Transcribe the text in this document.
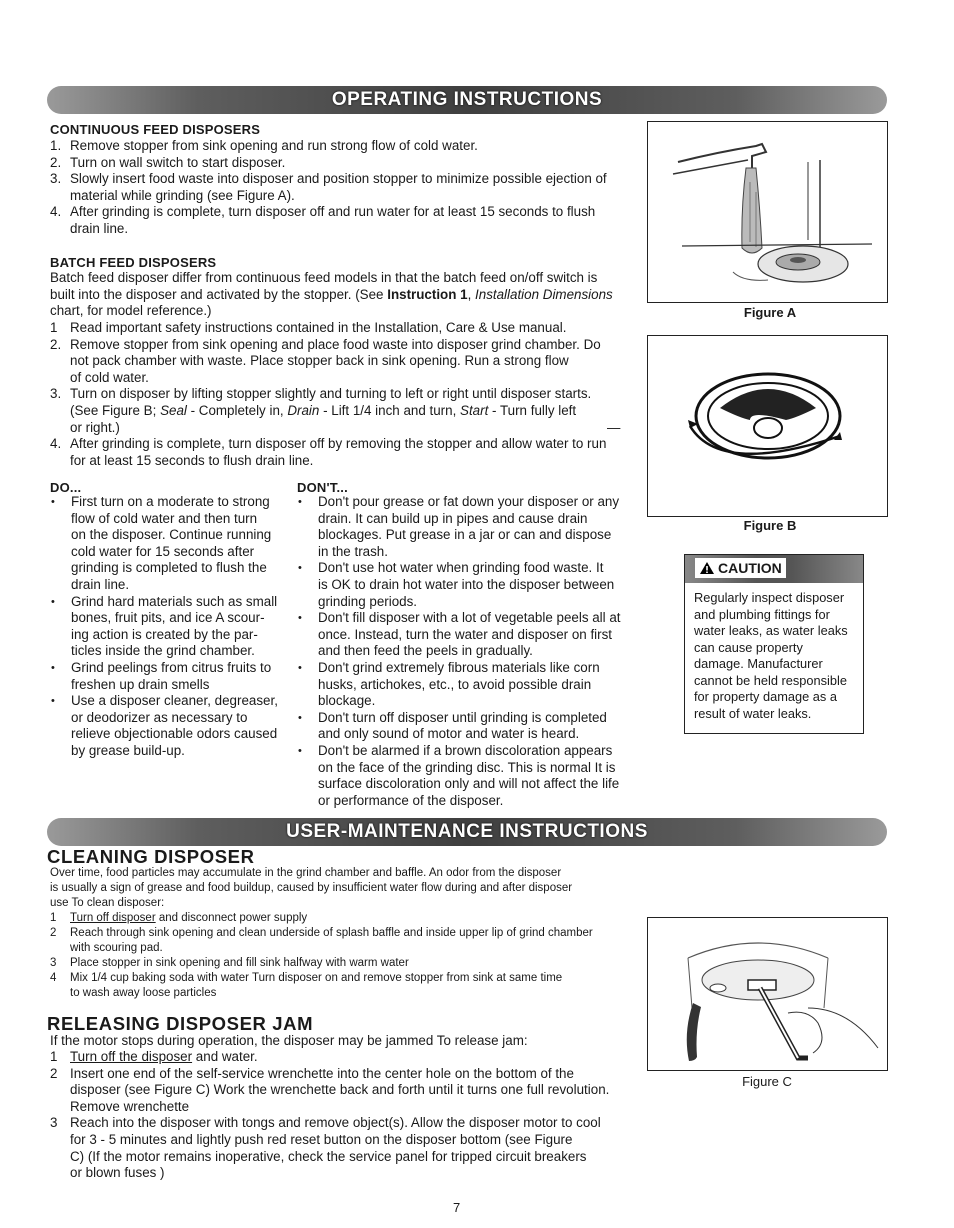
OPERATING INSTRUCTIONS
CONTINUOUS FEED DISPOSERS
1. Remove stopper from sink opening and run strong flow of cold water.
2. Turn on wall switch to start disposer.
3. Slowly insert food waste into disposer and position stopper to minimize possible ejection of
material while grinding (see Figure A).
4. After grinding is complete, turn disposer off and run water for at least 15 seconds to flush
drain line.
BATCH FEED DISPOSERS
Batch feed disposer differ from continuous feed models in that the batch feed on/off switch is
built into the disposer and activated by the stopper. (See Instruction 1, Installation Dimensions
chart, for model reference.)
1 Read important safety instructions contained in the Installation, Care & Use manual.
2. Remove stopper from sink opening and place food waste into disposer grind chamber. Do
not pack chamber with waste. Place stopper back in sink opening. Run a strong flow
of cold water.
3. Turn on disposer by lifting stopper slightly and turning to left or right until disposer starts.
(See Figure B; Seal - Completely in, Drain - Lift 1/4 inch and turn, Start - Turn fully left
or right.)	—
4. After grinding is complete, turn disposer off by removing the stopper and allow water to run
for at least 15 seconds to flush drain line.
DO...
• First turn on a moderate to strong
flow of cold water and then turn
on the disposer. Continue running
cold water for 15 seconds after
grinding is completed to flush the
drain line.
• Grind hard materials such as small
bones, fruit pits, and ice A scour-
ing action is created by the par-
ticles inside the grind chamber.
• Grind peelings from citrus fruits to
freshen up drain smells
• Use a disposer cleaner, degreaser,
or deodorizer as necessary to
relieve objectionable odors caused
by grease build-up.
DON'T...
• Don't pour grease or fat down your disposer or any
drain. It can build up in pipes and cause drain
blockages. Put grease in a jar or can and dispose
in the trash.
• Don't use hot water when grinding food waste. It
is OK to drain hot water into the disposer between
grinding periods.
• Don't fill disposer with a lot of vegetable peels all at
once. Instead, turn the water and disposer on first
and then feed the peels in gradually.
• Don't grind extremely fibrous materials like corn
husks, artichokes, etc., to avoid possible drain
blockage.
• Don't turn off disposer until grinding is completed
and only sound of motor and water is heard.
• Don't be alarmed if a brown discoloration appears
on the face of the grinding disc. This is normal It is
surface discoloration only and will not affect the life
or performance of the disposer.
Figure A
Figure B
CAUTION
Regularly inspect disposer
and plumbing fittings for
water leaks, as water leaks
can cause property
damage. Manufacturer
cannot be held responsible
for property damage as a
result of water leaks.
USER-MAINTENANCE INSTRUCTIONS
CLEANING DISPOSER
Over time, food particles may accumulate in the grind chamber and baffle. An odor from the disposer
is usually a sign of grease and food buildup, caused by insufficient water flow during and after disposer
use To clean disposer:
1 Turn off disposer and disconnect power supply
2 Reach through sink opening and clean underside of splash baffle and inside upper lip of grind chamber
with scouring pad.
3 Place stopper in sink opening and fill sink halfway with warm water
4 Mix 1/4 cup baking soda with water Turn disposer on and remove stopper from sink at same time
to wash away loose particles
Figure C
RELEASING DISPOSER JAM
If the motor stops during operation, the disposer may be jammed To release jam:
1 Turn off the disposer and water.
2 Insert one end of the self-service wrenchette into the center hole on the bottom of the
disposer (see Figure C) Work the wrenchette back and forth until it turns one full revolution.
Remove wrenchette
3 Reach into the disposer with tongs and remove object(s). Allow the disposer motor to cool
for 3 - 5 minutes and lightly push red reset button on the disposer bottom (see Figure
C) (If the motor remains inoperative, check the service panel for tripped circuit breakers
or blown fuses )
7
